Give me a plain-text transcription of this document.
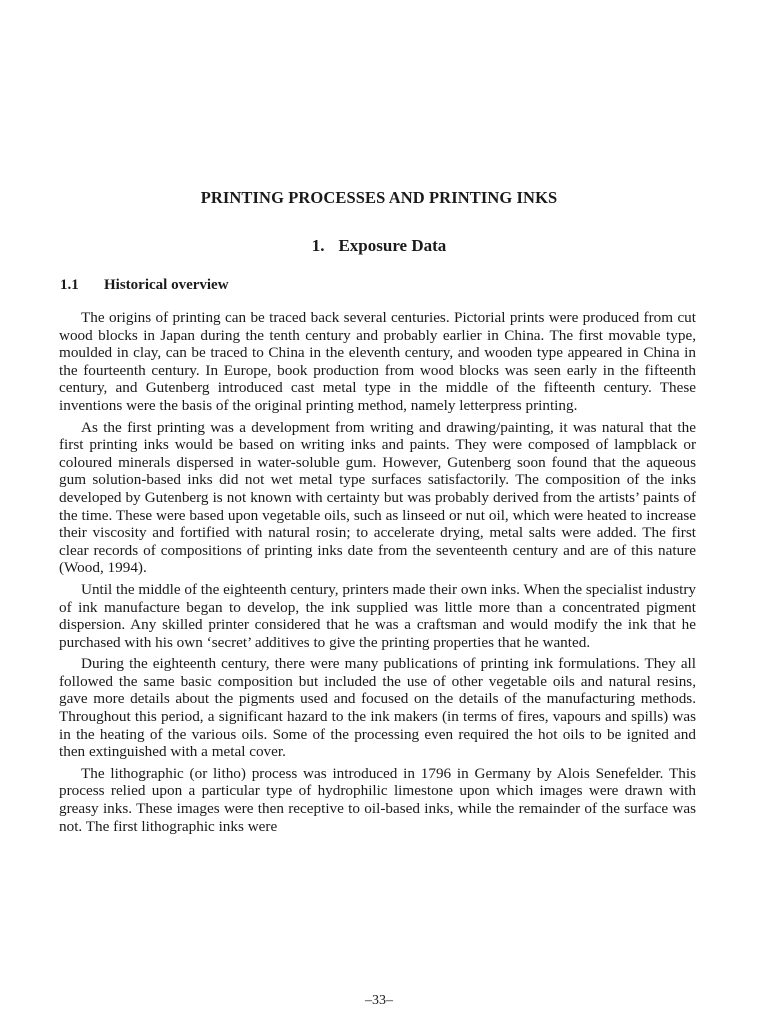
PRINTING PROCESSES AND PRINTING INKS
1. Exposure Data
1.1 Historical overview

The origins of printing can be traced back several centuries. Pictorial prints were produced from cut wood blocks in Japan during the tenth century and probably earlier in China. The first movable type, moulded in clay, can be traced to China in the eleventh century, and wooden type appeared in China in the fourteenth century. In Europe, book production from wood blocks was seen early in the fifteenth century, and Gutenberg introduced cast metal type in the middle of the fifteenth century. These inventions were the basis of the original printing method, namely letterpress printing.

As the first printing was a development from writing and drawing/painting, it was natural that the first printing inks would be based on writing inks and paints. They were composed of lampblack or coloured minerals dispersed in water-soluble gum. However, Gutenberg soon found that the aqueous gum solution-based inks did not wet metal type surfaces satisfactorily. The composition of the inks developed by Gutenberg is not known with certainty but was probably derived from the artists’ paints of the time. These were based upon vegetable oils, such as linseed or nut oil, which were heated to increase their viscosity and fortified with natural rosin; to accelerate drying, metal salts were added. The first clear records of compositions of printing inks date from the seventeenth century and are of this nature (Wood, 1994).

Until the middle of the eighteenth century, printers made their own inks. When the specialist industry of ink manufacture began to develop, the ink supplied was little more than a concentrated pigment dispersion. Any skilled printer considered that he was a craftsman and would modify the ink that he purchased with his own ‘secret’ additives to give the printing properties that he wanted.

During the eighteenth century, there were many publications of printing ink formulations. They all followed the same basic composition but included the use of other vegetable oils and natural resins, gave more details about the pigments used and focused on the details of the manufacturing methods. Throughout this period, a significant hazard to the ink makers (in terms of fires, vapours and spills) was in the heating of the various oils. Some of the processing even required the hot oils to be ignited and then extinguished with a metal cover.

The lithographic (or litho) process was introduced in 1796 in Germany by Alois Senefelder. This process relied upon a particular type of hydrophilic limestone upon which images were drawn with greasy inks. These images were then receptive to oil-based inks, while the remainder of the surface was not. The first lithographic inks were

–33–
